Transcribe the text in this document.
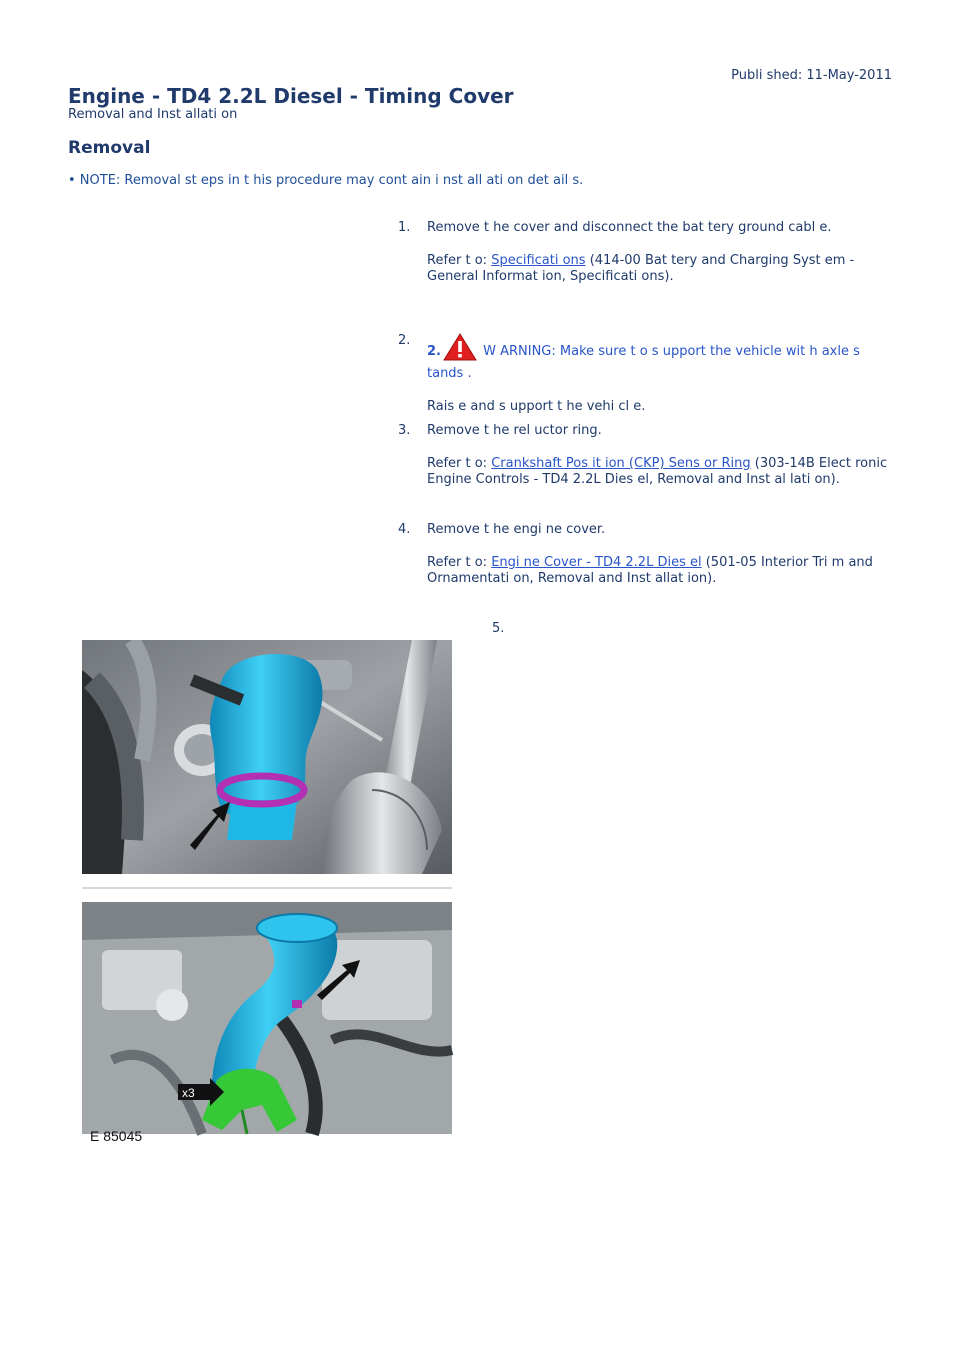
Publi shed: 11-May-2011
Engine - TD4 2.2L Diesel - Timing Cover
Removal and Inst allati on
Removal
• NOTE: Removal st eps in t his procedure may cont ain i nst all ati on det ail s.
1.	Remove t he cover and disconnect the bat tery ground cabl e.

Refer t o: Specificati ons (414-00 Bat tery and Charging Syst em - General Informat ion, Specificati ons).

2.

2.	W ARNING: Make sure t o s upport the vehicle wit h axle s tands .

Rais e and s upport t he vehi cl e.

3.	Remove t he rel uctor ring.

Refer t o: Crankshaft Pos it ion (CKP) Sens or Ring (303-14B Elect ronic Engine Controls - TD4 2.2L Dies el, Removal and Inst al lati on).

4.	Remove t he engi ne cover.

Refer t o: Engi ne Cover - TD4 2.2L Dies el (501-05 Interior Tri m and Ornamentati on, Removal and Inst allat ion).

5.
x3
E 85045
